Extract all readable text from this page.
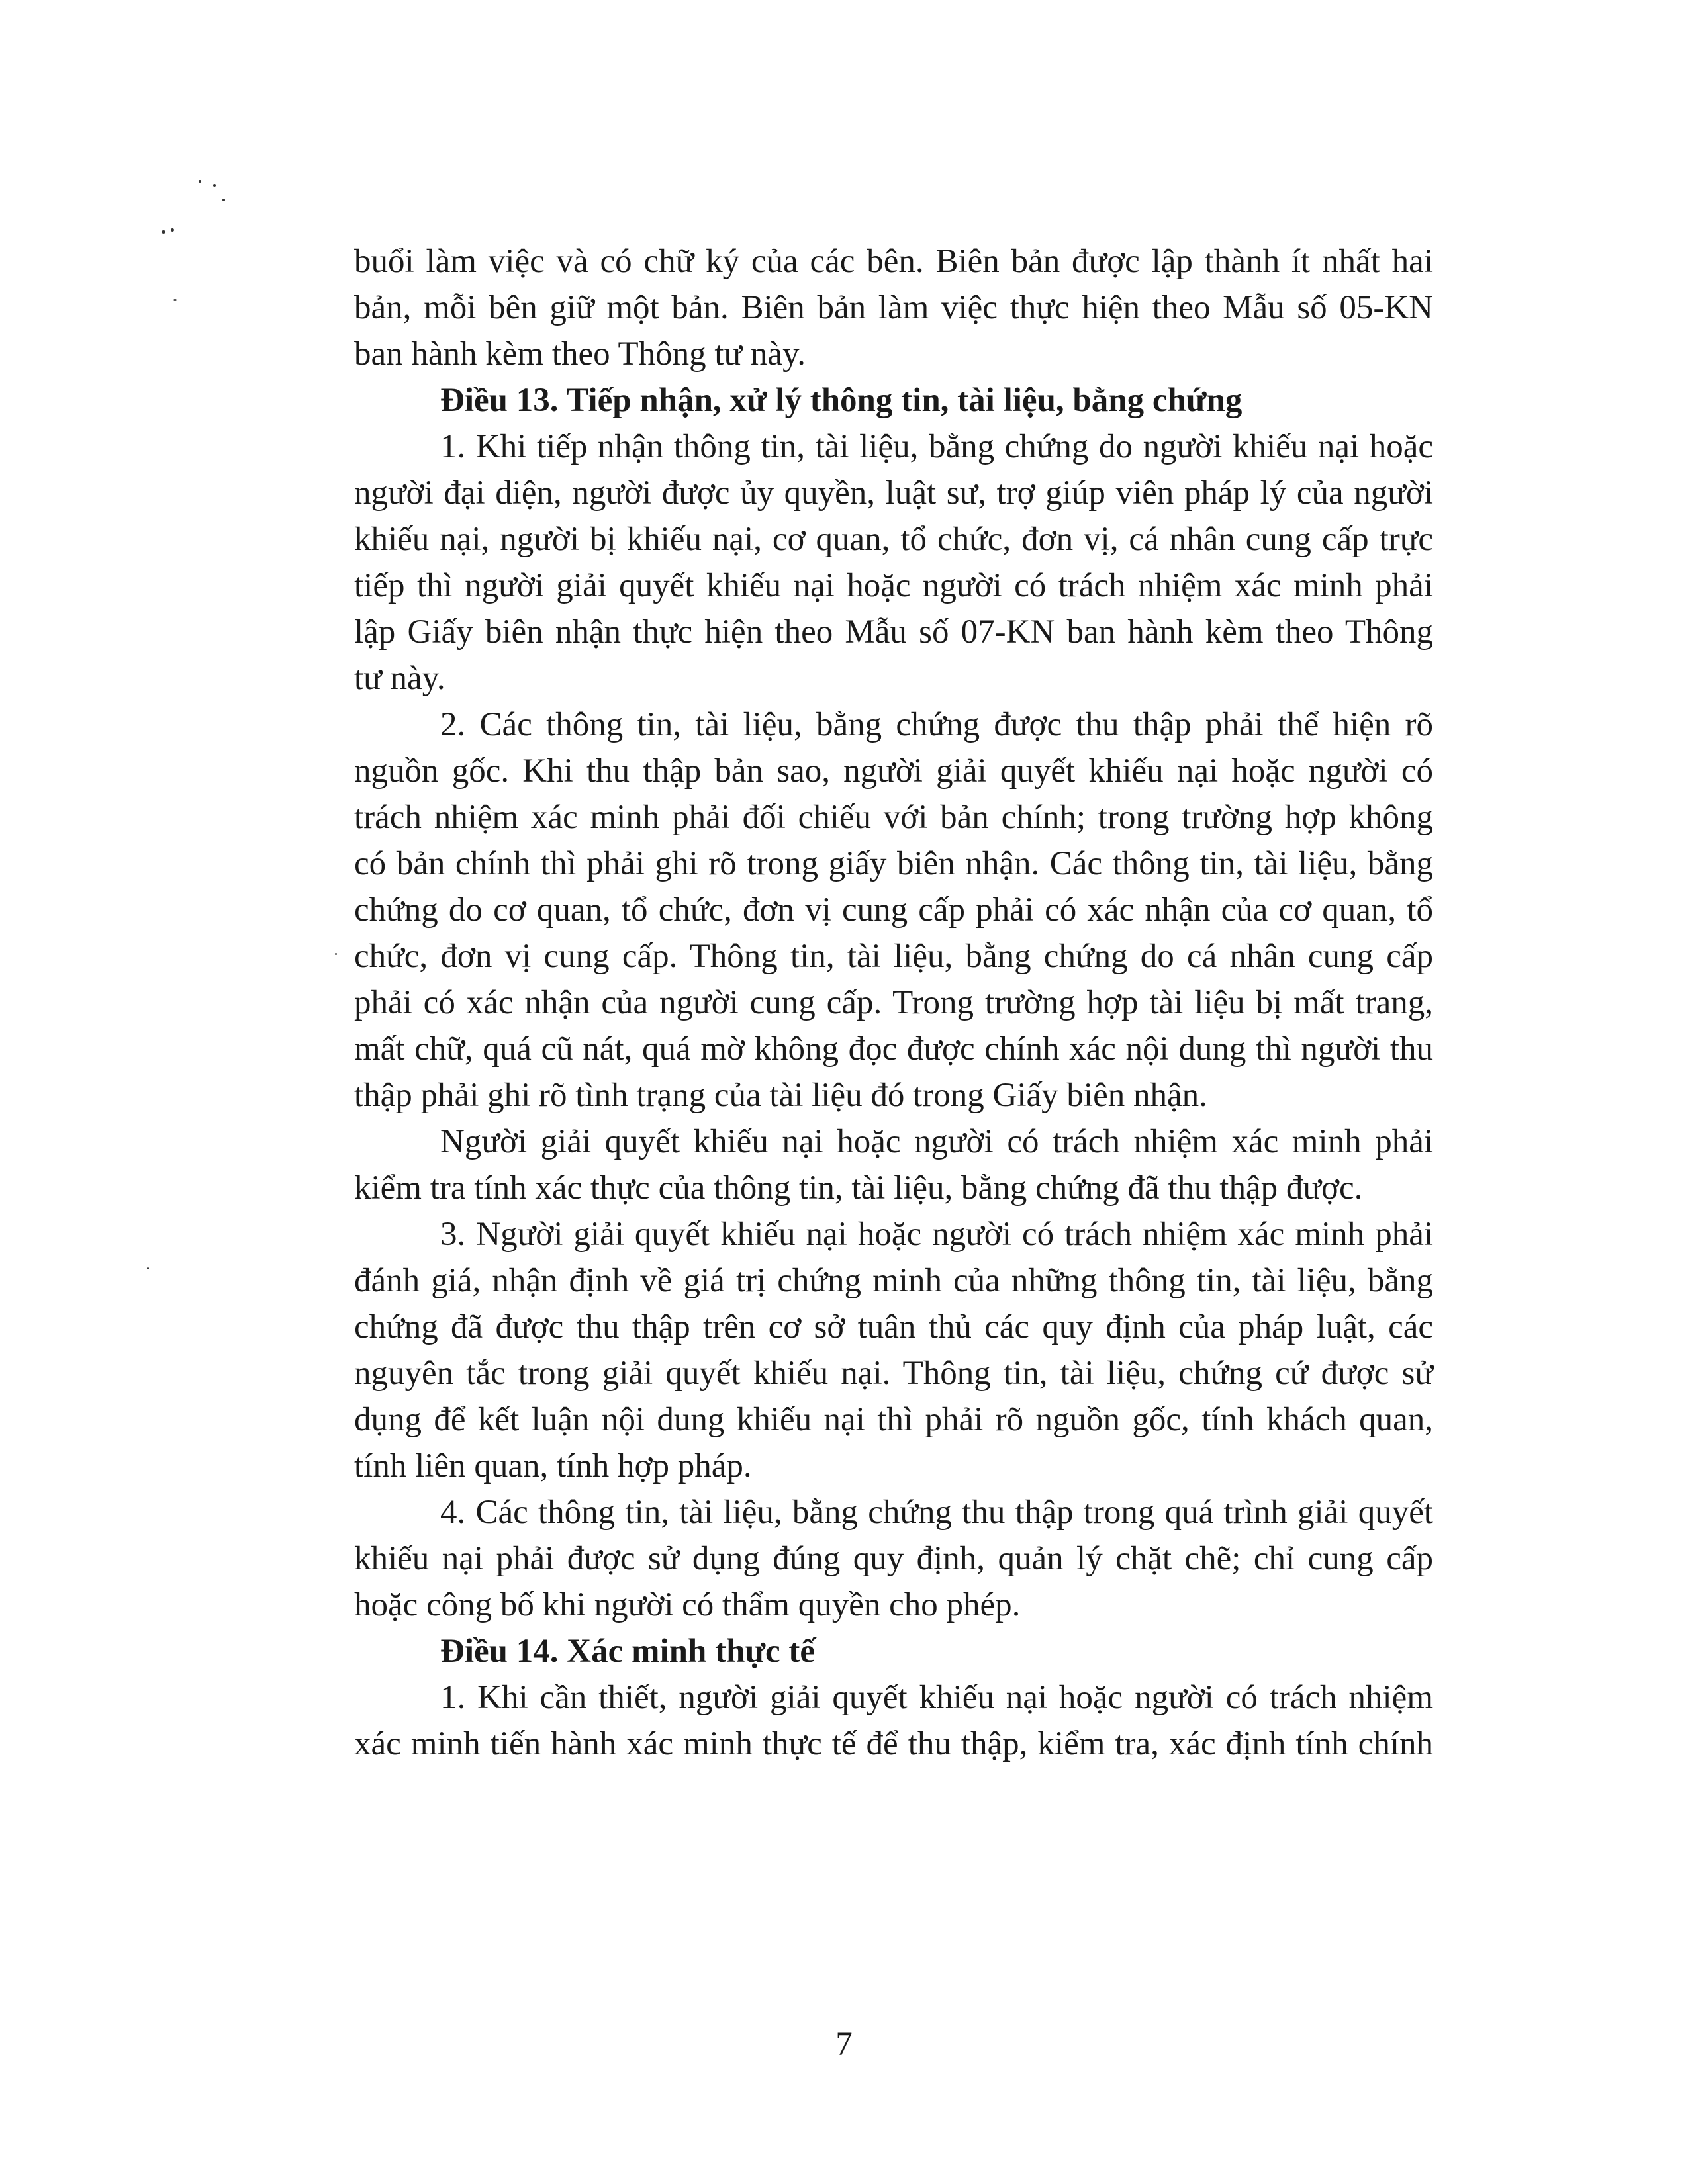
buổi làm việc và có chữ ký của các bên. Biên bản được lập thành ít nhất hai
bản, mỗi bên giữ một bản. Biên bản làm việc thực hiện theo Mẫu số 05-KN
ban hành kèm theo Thông tư này.

Điều 13. Tiếp nhận, xử lý thông tin, tài liệu, bằng chứng

1. Khi tiếp nhận thông tin, tài liệu, bằng chứng do người khiếu nại hoặc
người đại diện, người được ủy quyền, luật sư, trợ giúp viên pháp lý của người
khiếu nại, người bị khiếu nại, cơ quan, tổ chức, đơn vị, cá nhân cung cấp trực
tiếp thì người giải quyết khiếu nại hoặc người có trách nhiệm xác minh phải
lập Giấy biên nhận thực hiện theo Mẫu số 07-KN ban hành kèm theo Thông
tư này.
2. Các thông tin, tài liệu, bằng chứng được thu thập phải thể hiện rõ
nguồn gốc. Khi thu thập bản sao, người giải quyết khiếu nại hoặc người có
trách nhiệm xác minh phải đối chiếu với bản chính; trong trường hợp không
có bản chính thì phải ghi rõ trong giấy biên nhận. Các thông tin, tài liệu, bằng
chứng do cơ quan, tổ chức, đơn vị cung cấp phải có xác nhận của cơ quan, tổ
chức, đơn vị cung cấp. Thông tin, tài liệu, bằng chứng do cá nhân cung cấp
phải có xác nhận của người cung cấp. Trong trường hợp tài liệu bị mất trang,
mất chữ, quá cũ nát, quá mờ không đọc được chính xác nội dung thì người thu
thập phải ghi rõ tình trạng của tài liệu đó trong Giấy biên nhận.
Người giải quyết khiếu nại hoặc người có trách nhiệm xác minh phải
kiểm tra tính xác thực của thông tin, tài liệu, bằng chứng đã thu thập được.
3. Người giải quyết khiếu nại hoặc người có trách nhiệm xác minh phải
đánh giá, nhận định về giá trị chứng minh của những thông tin, tài liệu, bằng
chứng đã được thu thập trên cơ sở tuân thủ các quy định của pháp luật, các
nguyên tắc trong giải quyết khiếu nại. Thông tin, tài liệu, chứng cứ được sử
dụng để kết luận nội dung khiếu nại thì phải rõ nguồn gốc, tính khách quan,
tính liên quan, tính hợp pháp.
4. Các thông tin, tài liệu, bằng chứng thu thập trong quá trình giải quyết
khiếu nại phải được sử dụng đúng quy định, quản lý chặt chẽ; chỉ cung cấp
hoặc công bố khi người có thẩm quyền cho phép.

Điều 14. Xác minh thực tế

1. Khi cần thiết, người giải quyết khiếu nại hoặc người có trách nhiệm
xác minh tiến hành xác minh thực tế để thu thập, kiểm tra, xác định tính chính
7
